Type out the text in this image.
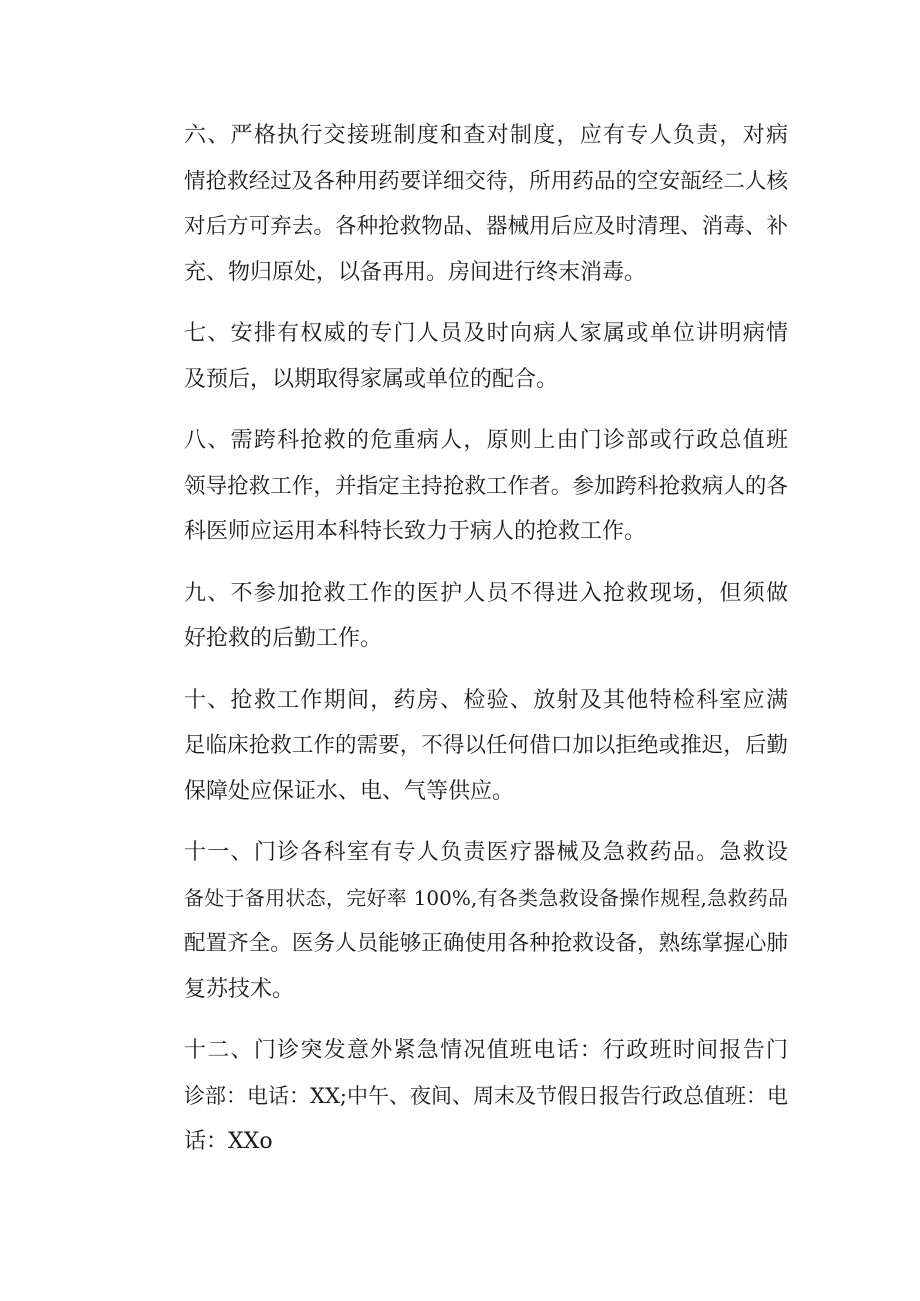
六、严格执行交接班制度和查对制度，应有专人负责，对病
情抢救经过及各种用药要详细交待，所用药品的空安瓿经二人核
对后方可弃去。各种抢救物品、器械用后应及时清理、消毒、补
充、物归原处，以备再用。房间进行终末消毒。

七、安排有权威的专门人员及时向病人家属或单位讲明病情
及预后，以期取得家属或单位的配合。

八、需跨科抢救的危重病人，原则上由门诊部或行政总值班
领导抢救工作，并指定主持抢救工作者。参加跨科抢救病人的各
科医师应运用本科特长致力于病人的抢救工作。

九、不参加抢救工作的医护人员不得进入抢救现场，但须做
好抢救的后勤工作。

十、抢救工作期间，药房、检验、放射及其他特检科室应满
足临床抢救工作的需要，不得以任何借口加以拒绝或推迟，后勤
保障处应保证水、电、气等供应。

十一、门诊各科室有专人负责医疗器械及急救药品。急救设
备处于备用状态，完好率 100%,有各类急救设备操作规程,急救药品
配置齐全。医务人员能够正确使用各种抢救设备，熟练掌握心肺
复苏技术。

十二、门诊突发意外紧急情况值班电话：行政班时间报告门
诊部：电话：XX;中午、夜间、周末及节假日报告行政总值班：电
话：XXo
